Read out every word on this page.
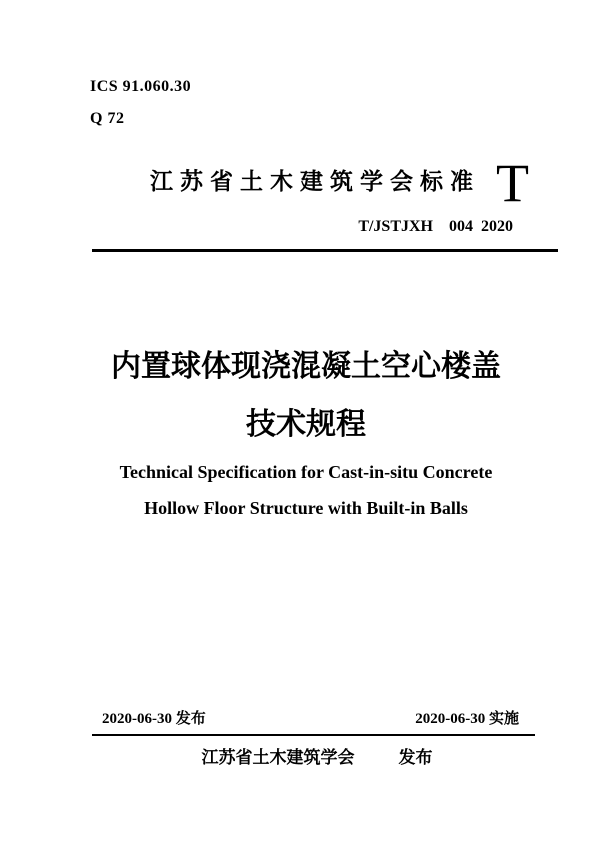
ICS 91.060.30
Q 72
江苏省土木建筑学会标准 T
T/JSTJXH    004  2020
内置球体现浇混凝土空心楼盖
技术规程
Technical Specification for Cast-in-situ Concrete
Hollow Floor Structure with Built-in Balls
2020-06-30 发布	2020-06-30 实施
江苏省土木建筑学会	发布
